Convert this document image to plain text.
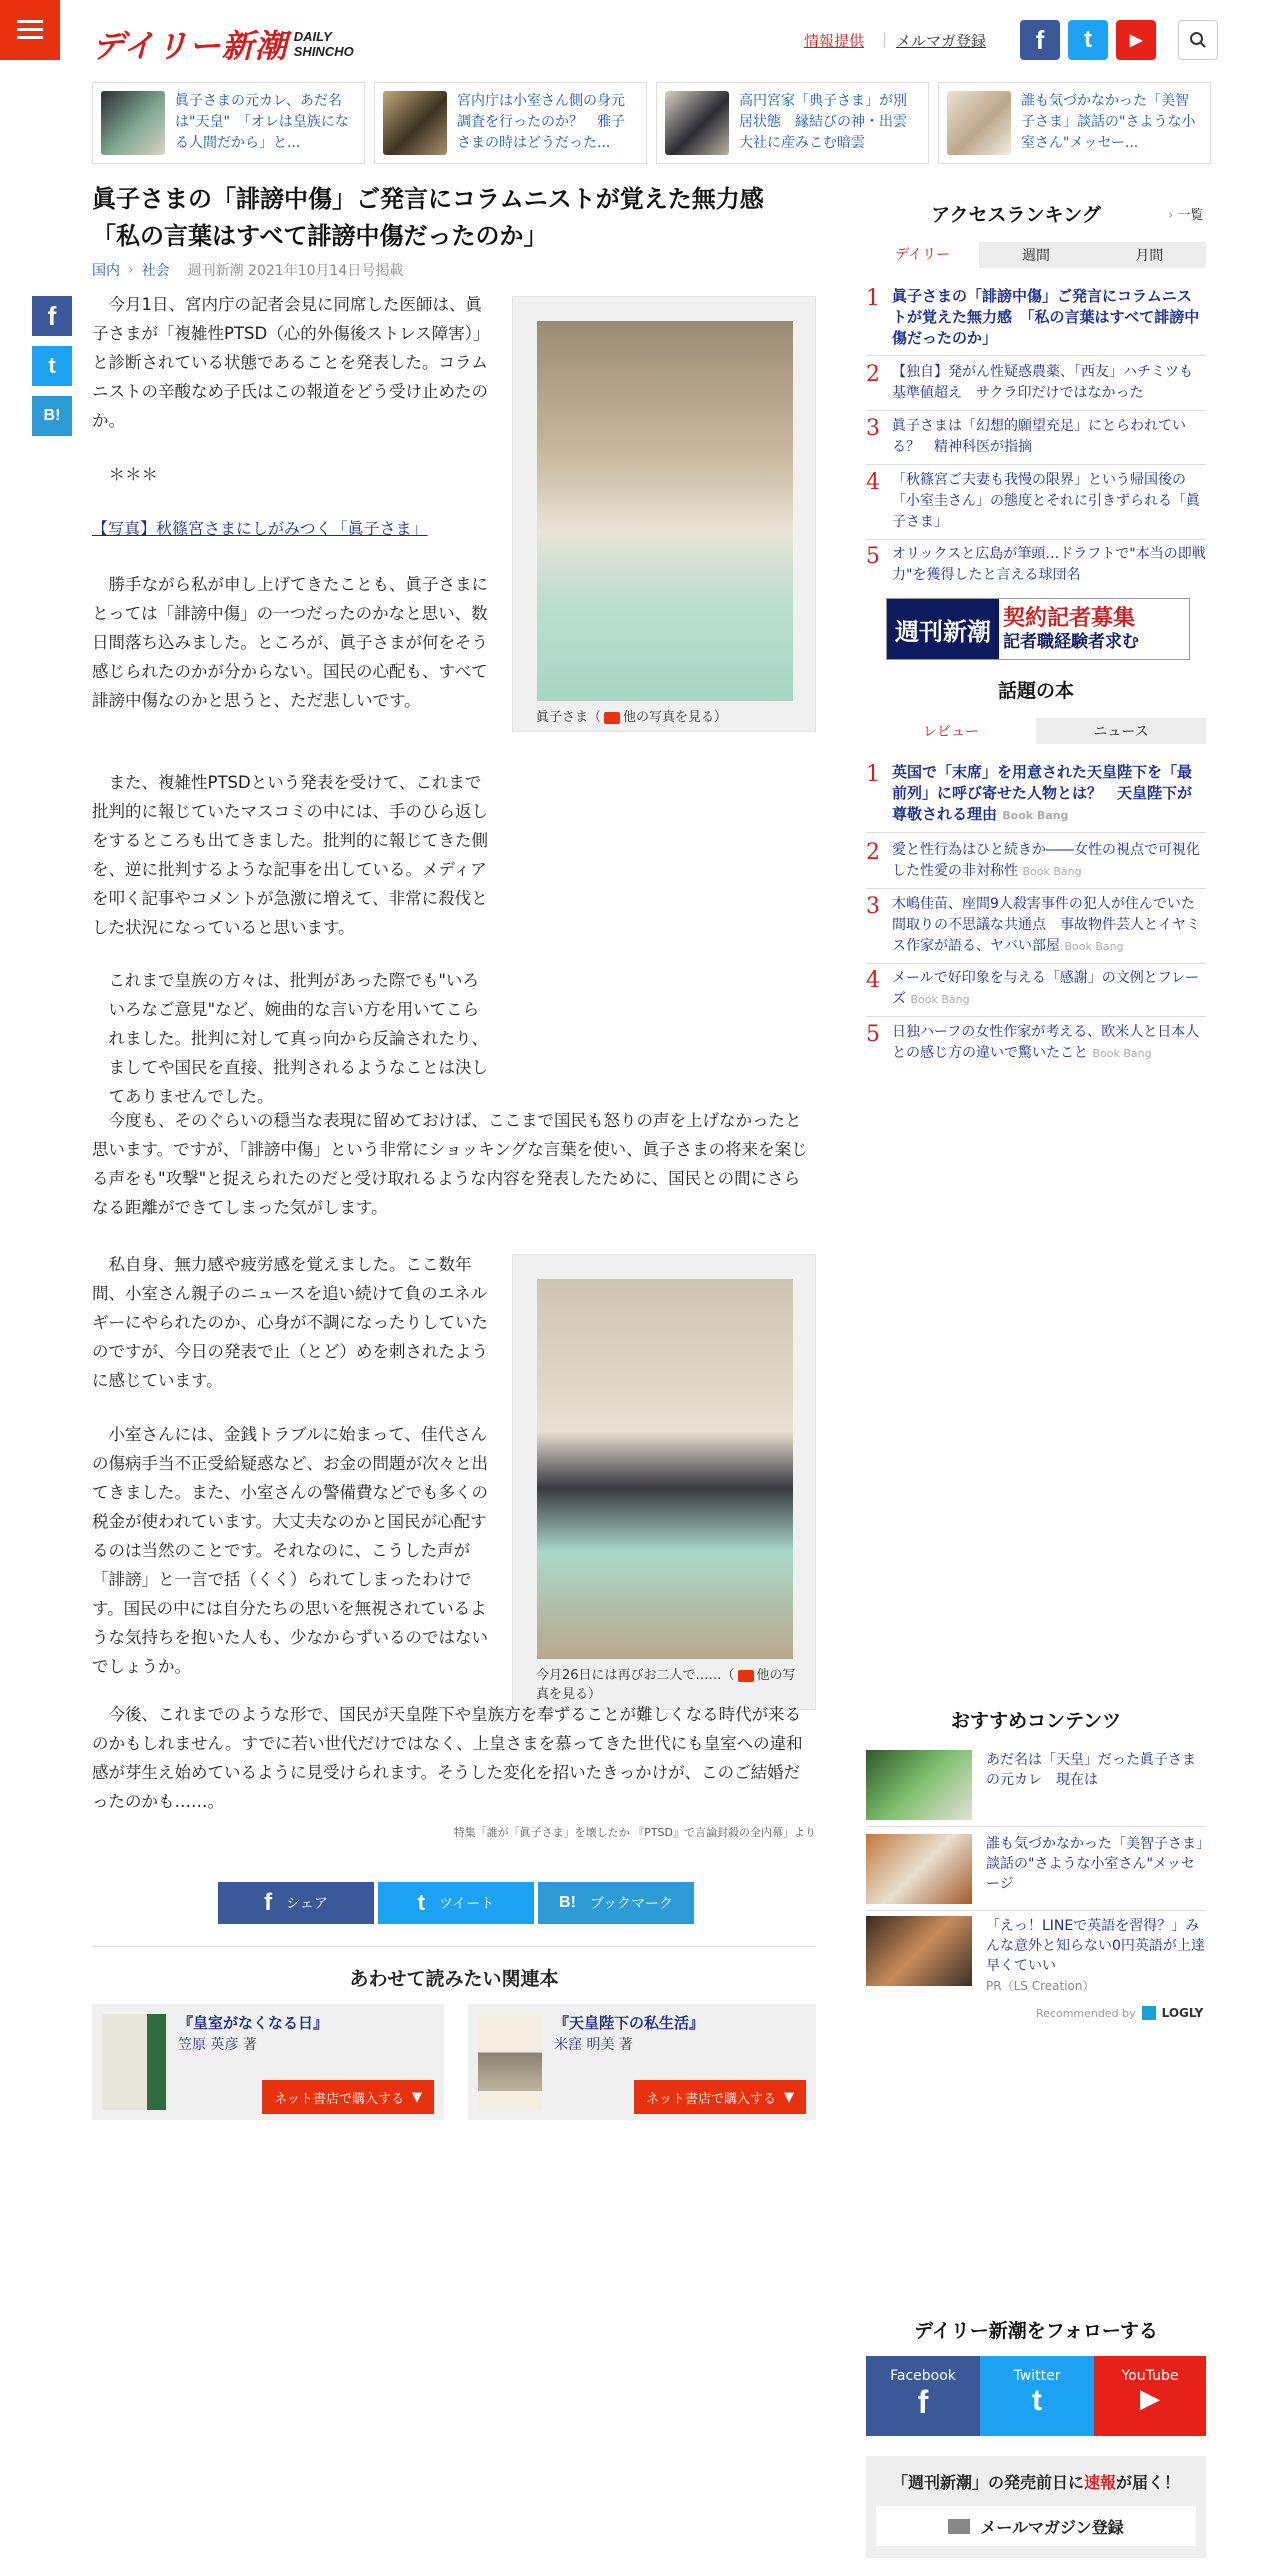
デイリー新潮 DAILY
SHINCHO
情報提供 | メルマガ登録	f	t	▶
眞子さまの元カレ、あだ名は"天皇"　「オレは皇族になる人間だから」と...
宮内庁は小室さん側の身元調査を行ったのか？　雅子さまの時はどうだった...
高円宮家「典子さま」が別居状態　縁結びの神・出雲大社に産みこむ暗雲
誰も気づかなかった「美智子さま」談話の"さような小室さん"メッセー...
眞子さまの「誹謗中傷」ご発言にコラムニストが覚えた無力感　「私の言葉はすべて誹謗中傷だったのか」
国内 › 社会 週刊新潮 2021年10月14日号掲載
f
t
B!
眞子さま（ 他の写真を見る）

今月1日、宮内庁の記者会見に同席した医師は、眞子さまが「複雑性PTSD（心的外傷後ストレス障害）」と診断されている状態であることを発表した。コラムニストの辛酸なめ子氏はこの報道をどう受け止めたのか。

＊＊＊

【写真】秋篠宮さまにしがみつく「眞子さま」

勝手ながら私が申し上げてきたことも、眞子さまにとっては「誹謗中傷」の一つだったのかなと思い、数日間落ち込みました。ところが、眞子さまが何をそう感じられたのかが分からない。国民の心配も、すべて誹謗中傷なのかと思うと、ただ悲しいです。

また、複雑性PTSDという発表を受けて、これまで批判的に報じていたマスコミの中には、手のひら返しをするところも出てきました。批判的に報じてきた側を、逆に批判するような記事を出している。メディアを叩く記事やコメントが急激に増えて、非常に殺伐とした状況になっていると思います。

これまで皇族の方々は、批判があった際でも"いろいろなご意見"など、婉曲的な言い方を用いてこられました。批判に対して真っ向から反論されたり、ましてや国民を直接、批判されるようなことは決してありませんでした。

今度も、そのぐらいの穏当な表現に留めておけば、ここまで国民も怒りの声を上げなかったと思います。ですが、「誹謗中傷」という非常にショッキングな言葉を使い、眞子さまの将来を案じる声をも"攻撃"と捉えられたのだと受け取れるような内容を発表したために、国民との間にさらなる距離ができてしまった気がします。

今月26日には再びお二人で……（ 他の写真を見る）

私自身、無力感や疲労感を覚えました。ここ数年間、小室さん親子のニュースを追い続けて負のエネルギーにやられたのか、心身が不調になったりしていたのですが、今日の発表で止（とど）めを刺されたように感じています。

小室さんには、金銭トラブルに始まって、佳代さんの傷病手当不正受給疑惑など、お金の問題が次々と出てきました。また、小室さんの警備費などでも多くの税金が使われています。大丈夫なのかと国民が心配するのは当然のことです。それなのに、こうした声が「誹謗」と一言で括（くく）られてしまったわけです。国民の中には自分たちの思いを無視されているような気持ちを抱いた人も、少なからずいるのではないでしょうか。

今後、これまでのような形で、国民が天皇陛下や皇族方を奉ずることが難しくなる時代が来るのかもしれません。すでに若い世代だけではなく、上皇さまを慕ってきた世代にも皇室への違和感が芽生え始めているように見受けられます。そうした変化を招いたきっかけが、このご結婚だったのかも……。

特集「誰が「眞子さま」を壊したか 『PTSD』で言論封殺の全内幕」より
f シェア	t ツイート	B! ブックマーク
あわせて読みたい関連本
『皇室がなくなる日』
笠原 英彦 著
ネット書店で購入する ▼
『天皇陛下の私生活』
米窪 明美 著
ネット書店で購入する ▼
アクセスランキング	› 一覧
デイリー	週間	月間
1 眞子さまの「誹謗中傷」ご発言にコラムニストが覚えた無力感　「私の言葉はすべて誹謗中傷だったのか」
2 【独自】発がん性疑惑農薬、「西友」ハチミツも基準値超え　サクラ印だけではなかった
3 眞子さまは「幻想的願望充足」にとらわれている？　精神科医が指摘
4 「秋篠宮ご夫妻も我慢の限界」という帰国後の「小室圭さん」の態度とそれに引きずられる「眞子さま」
5 オリックスと広島が筆頭…ドラフトで"本当の即戦力"を獲得したと言える球団名
週刊新潮 契約記者募集
記者職経験者求む
話題の本
レビュー	ニュース
1 英国で「末席」を用意された天皇陛下を「最前列」に呼び寄せた人物とは？　天皇陛下が尊敬される理由 Book Bang
2 愛と性行為はひと続きか――女性の視点で可視化した性愛の非対称性 Book Bang
3 木嶋佳苗、座間9人殺害事件の犯人が住んでいた間取りの不思議な共通点　事故物件芸人とイヤミス作家が語る、ヤバい部屋 Book Bang
4 メールで好印象を与える「感謝」の文例とフレーズ Book Bang
5 日独ハーフの女性作家が考える、欧米人と日本人との感じ方の違いで驚いたこと Book Bang
おすすめコンテンツ
あだ名は「天皇」だった眞子さまの元カレ　現在は
誰も気づかなかった「美智子さま」談話の"さような小室さん"メッセージ
「えっ！LINEで英語を習得？」みんな意外と知らない0円英語が上達早くていい
PR（LS Creation）
Recommended by LOGLY
デイリー新潮をフォローする
Facebook
f
Twitter
t
YouTube
▶
「週刊新潮」の発売前日に速報が届く！
メールマガジン登録
